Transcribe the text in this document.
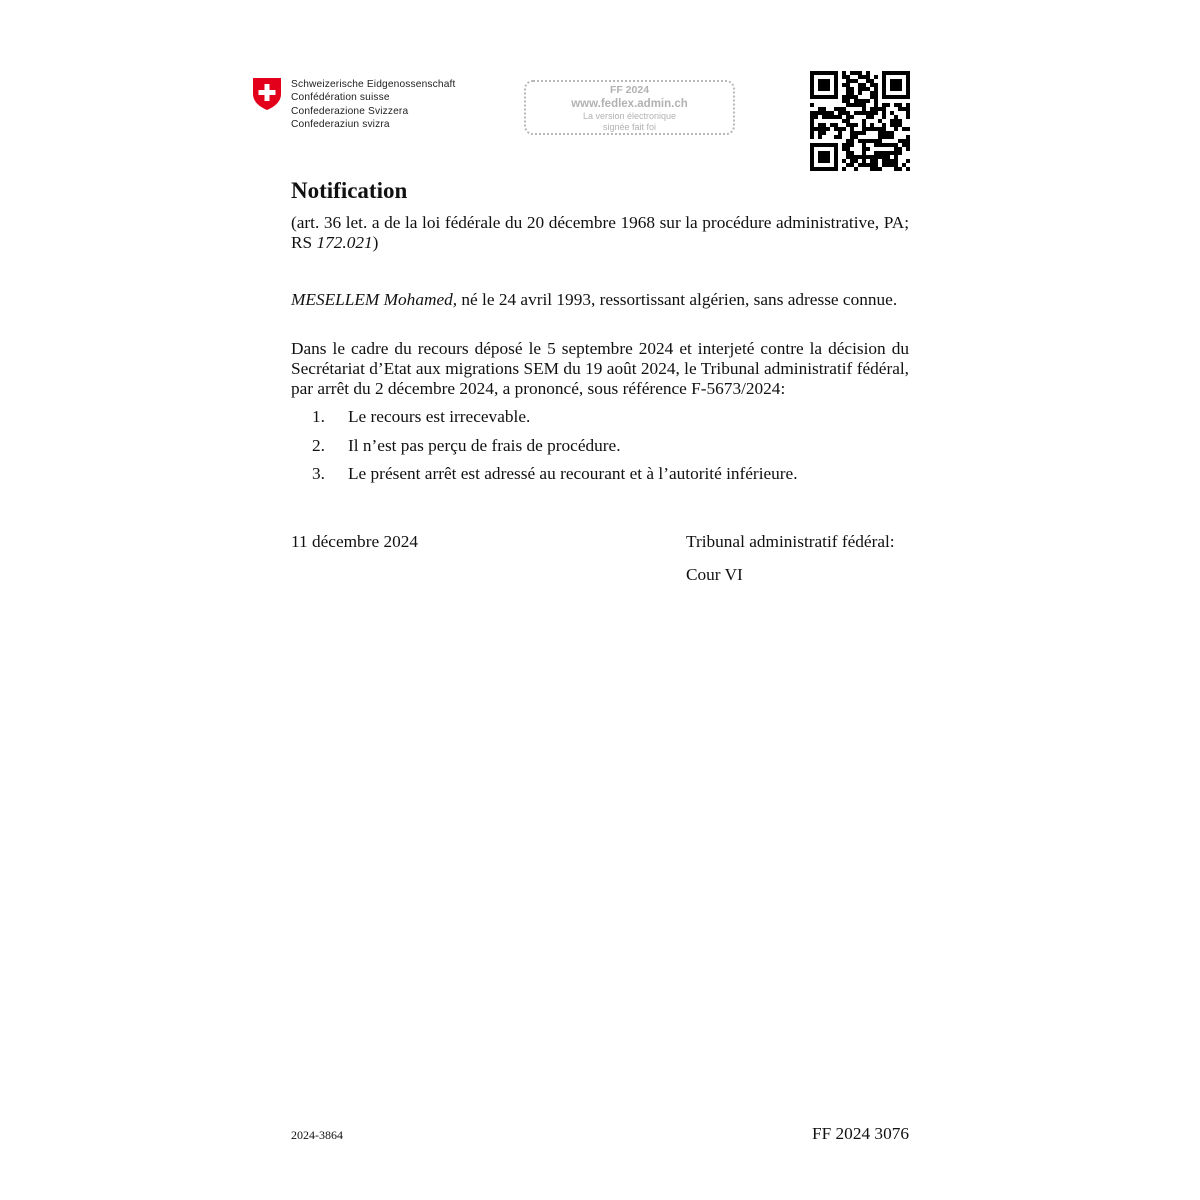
Schweizerische Eidgenossenschaft
Confédération suisse
Confederazione Svizzera
Confederaziun svizra
FF 2024
www.fedlex.admin.ch
La version électronique
signée fait foi
Notification

(art. 36 let. a de la loi fédérale du 20 décembre 1968 sur la procédure administrative, PA; RS 172.021)

MESELLEM Mohamed, né le 24 avril 1993, ressortissant algérien, sans adresse connue.

Dans le cadre du recours déposé le 5 septembre 2024 et interjeté contre la décision du Secrétariat d’Etat aux migrations SEM du 19 août 2024, le Tribunal administratif fédéral, par arrêt du 2 décembre 2024, a prononcé, sous référence F-5673/2024:

1. Le recours est irrecevable.
2. Il n’est pas perçu de frais de procédure.
3. Le présent arrêt est adressé au recourant et à l’autorité inférieure.
11 décembre 2024	Tribunal administratif fédéral:
Cour VI
2024-3864	FF 2024 3076
